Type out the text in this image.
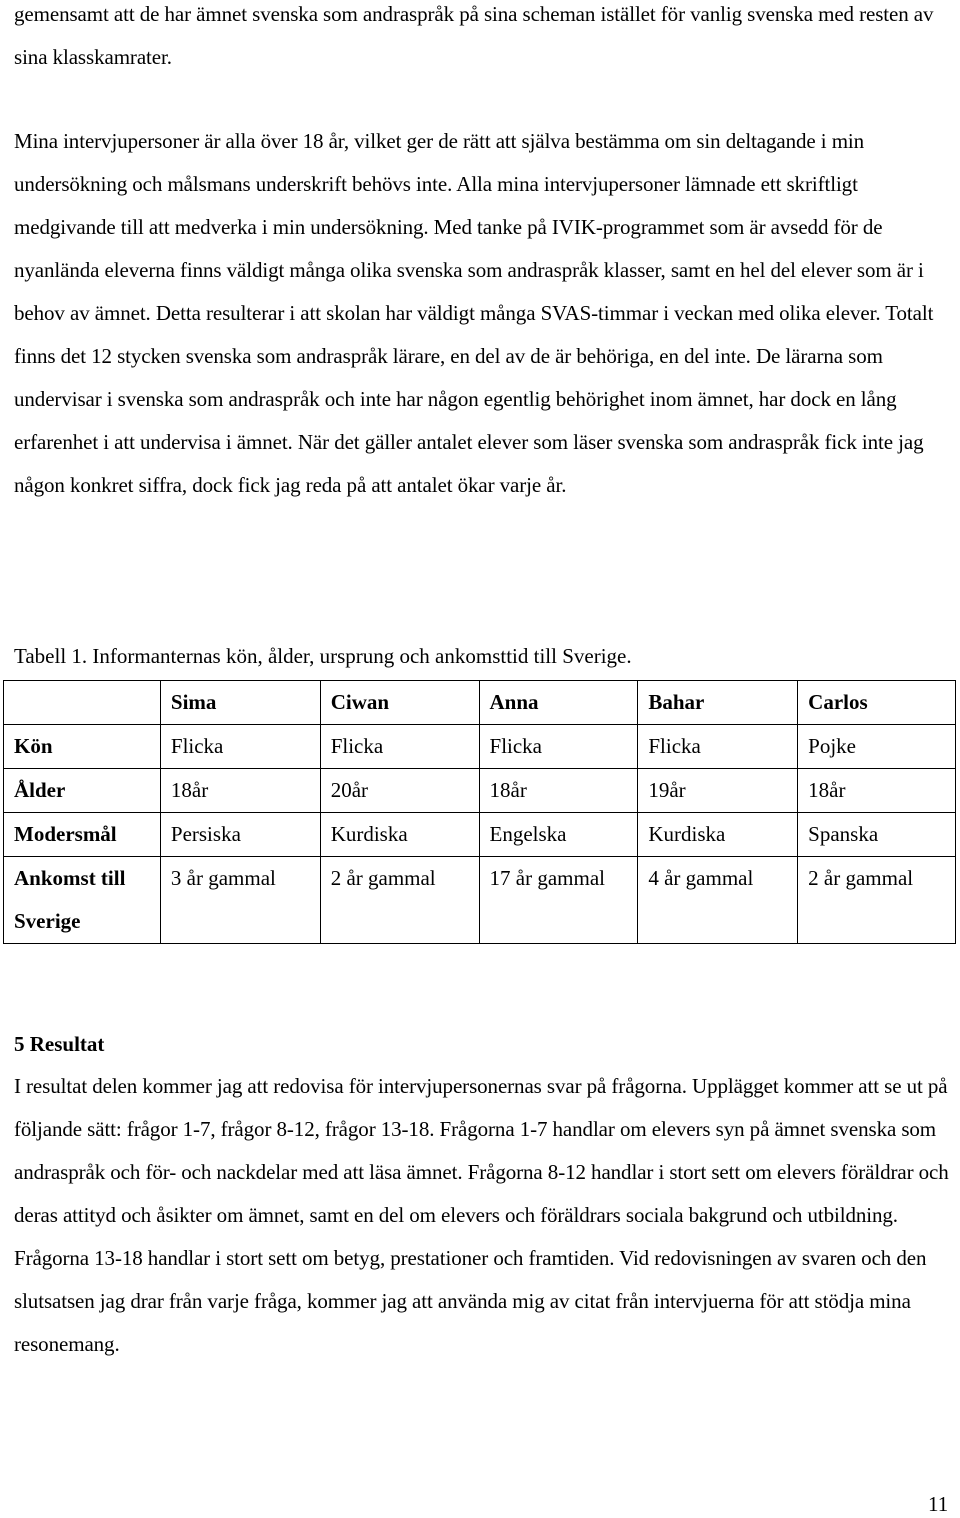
gemensamt att de har ämnet svenska som andraspråk på sina scheman istället för vanlig svenska med resten av sina klasskamrater.

Mina intervjupersoner är alla över 18 år, vilket ger de rätt att själva bestämma om sin deltagande i min undersökning och målsmans underskrift behövs inte. Alla mina intervjupersoner lämnade ett skriftligt medgivande till att medverka i min undersökning. Med tanke på IVIK-programmet som är avsedd för de nyanlända eleverna finns väldigt många olika svenska som andraspråk klasser, samt en hel del elever som är i behov av ämnet. Detta resulterar i att skolan har väldigt många SVAS-timmar i veckan med olika elever. Totalt finns det 12 stycken svenska som andraspråk lärare, en del av de är behöriga, en del inte. De lärarna som undervisar i svenska som andraspråk och inte har någon egentlig behörighet inom ämnet, har dock en lång erfarenhet i att undervisa i ämnet. När det gäller antalet elever som läser svenska som andraspråk fick inte jag någon konkret siffra, dock fick jag reda på att antalet ökar varje år.

Tabell 1. Informanternas kön, ålder, ursprung och ankomsttid till Sverige.

	Sima	Ciwan	Anna	Bahar	Carlos
Kön	Flicka	Flicka	Flicka	Flicka	Pojke
Ålder	18år	20år	18år	19år	18år
Modersmål	Persiska	Kurdiska	Engelska	Kurdiska	Spanska
Ankomst till Sverige	3 år gammal	2 år gammal	17 år gammal	4 år gammal	2 år gammal

5 Resultat

I resultat delen kommer jag att redovisa för intervjupersonernas svar på frågorna. Upplägget kommer att se ut på följande sätt: frågor 1-7, frågor 8-12, frågor 13-18. Frågorna 1-7 handlar om elevers syn på ämnet svenska som andraspråk och för- och nackdelar med att läsa ämnet. Frågorna 8-12 handlar i stort sett om elevers föräldrar och deras attityd och åsikter om ämnet, samt en del om elevers och föräldrars sociala bakgrund och utbildning. Frågorna 13-18 handlar i stort sett om betyg, prestationer och framtiden. Vid redovisningen av svaren och den slutsatsen jag drar från varje fråga, kommer jag att använda mig av citat från intervjuerna för att stödja mina resonemang.

11
